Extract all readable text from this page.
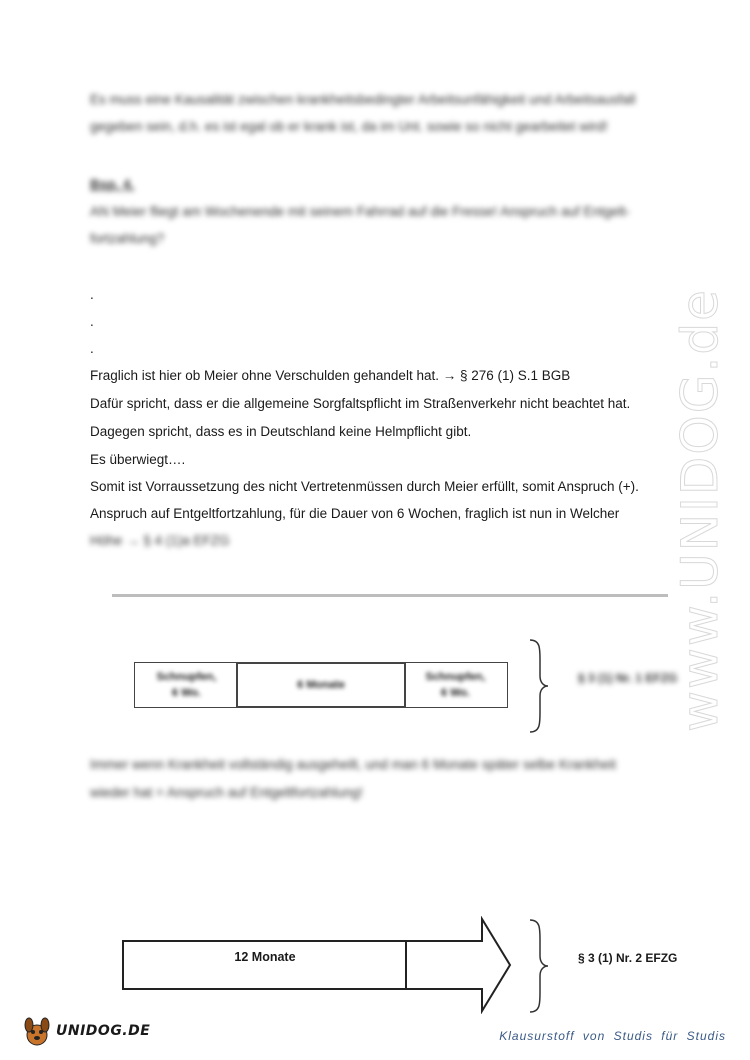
www.UNIDOG.de
Es muss eine Kausalität zwischen krankheitsbedingter Arbeitsunfähigkeit und Arbeitsausfall
gegeben sein, d.h. es ist egal ob er krank ist, da im Unt. sowie so nicht gearbeitet wird!
Bsp. 4.
AN Meier fliegt am Wochenende mit seinem Fahrrad auf die Fresse! Anspruch auf Entgelt-
fortzahlung?
.
.
.
Fraglich ist hier ob Meier ohne Verschulden gehandelt hat. → § 276 (1) S.1 BGB
Dafür spricht, dass er die allgemeine Sorgfaltspflicht im Straßenverkehr nicht beachtet hat.
Dagegen spricht, dass es in Deutschland keine Helmpflicht gibt.
Es überwiegt….
Somit ist Vorraussetzung des nicht Vertretenmüssen durch Meier erfüllt, somit Anspruch (+).
Anspruch auf Entgeltfortzahlung, für die Dauer von 6 Wochen, fraglich ist nun in Welcher
Höhe → § 4 (1)a EFZG
Schnupfen,
6 Wo.
6 Monate
Schnupfen,
6 Wo.
§ 3 (1) Nr. 1 EFZG
Immer wenn Krankheit vollständig ausgeheilt, und man 6 Monate später selbe Krankheit
wieder hat = Anspruch auf Entgeltfortzahlung!
12 Monate	§ 3 (1) Nr. 2 EFZG
UNIDOG.DE	Klausurstoff von Studis für Studis
